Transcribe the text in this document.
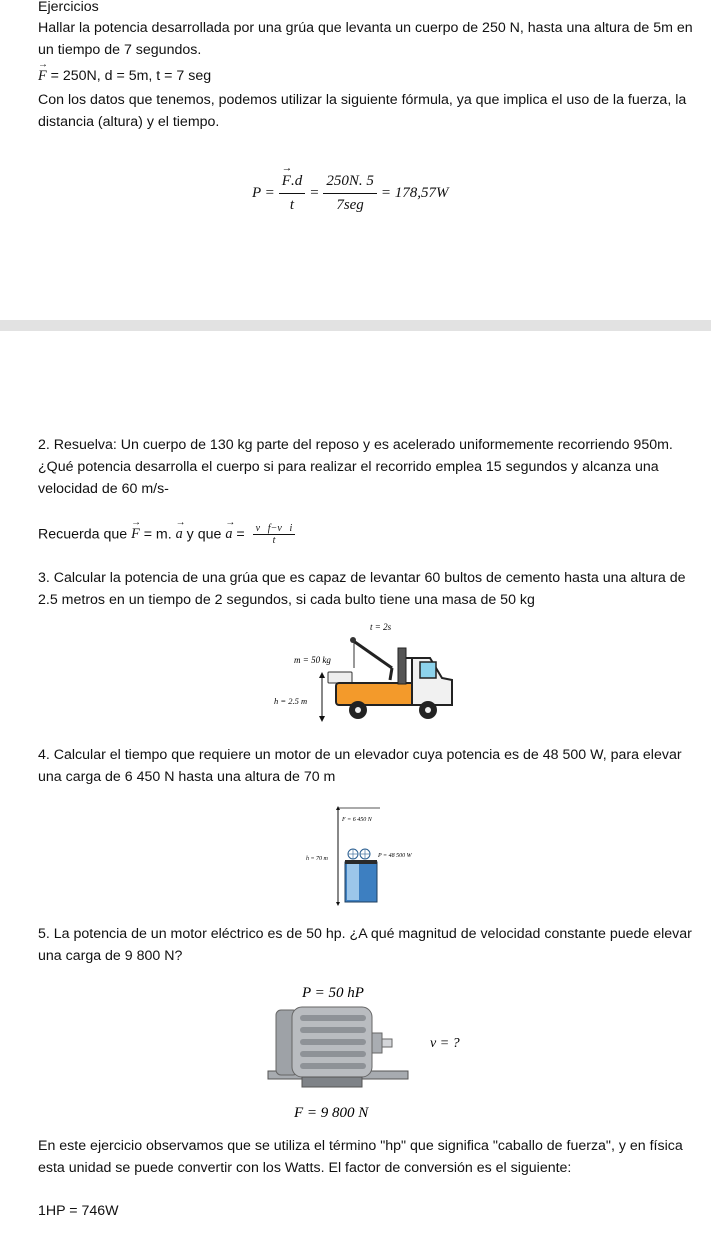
Ejercicios

Hallar la potencia desarrollada por una grúa que levanta un cuerpo de 250 N, hasta una altura de 5m en un tiempo de 7 segundos.

→ F = 250N, d = 5m, t = 7 seg

Con los datos que tenemos, podemos utilizar la siguiente fórmula, ya que implica el uso de la fuerza, la distancia (altura) y el tiempo.

P =
→ $\frac{F.d}{t} = \frac{250N. 5}{\text{7seg}} = 178,57W$

2. Resuelva: Un cuerpo de 130 kg parte del reposo y es acelerado uniformemente recorriendo 950m. ¿Qué potencia desarrolla el cuerpo si para realizar el recorrido emplea 15 segundos y alcanza una velocidad de 60 m/s-

Recuerda que → F = m. → a y que → $a = \frac{v⃗f-v⃗i}{t}$

3. Calcular la potencia de una grúa que es capaz de levantar 60 bultos de cemento hasta una altura de 2.5 metros en un tiempo de 2 segundos, si cada bulto tiene una masa de 50 kg

t = 2s
m = 50 kg
h = 2.5 m

4. Calcular el tiempo que requiere un motor de un elevador cuya potencia es de 48 500 W, para elevar una carga de 6 450 N hasta una altura de 70 m

F = 6 450 N
h = 70 m	P = 48 500 W

5. La potencia de un motor eléctrico es de 50 hp. ¿A qué magnitud de velocidad constante puede elevar una carga de 9 800 N?

P = 50 hP
v = ?
F = 9 800 N

En este ejercicio observamos que se utiliza el término "hp" que significa "caballo de fuerza", y en física esta unidad se puede convertir con los Watts. El factor de conversión es el siguiente:

1HP = 746W
